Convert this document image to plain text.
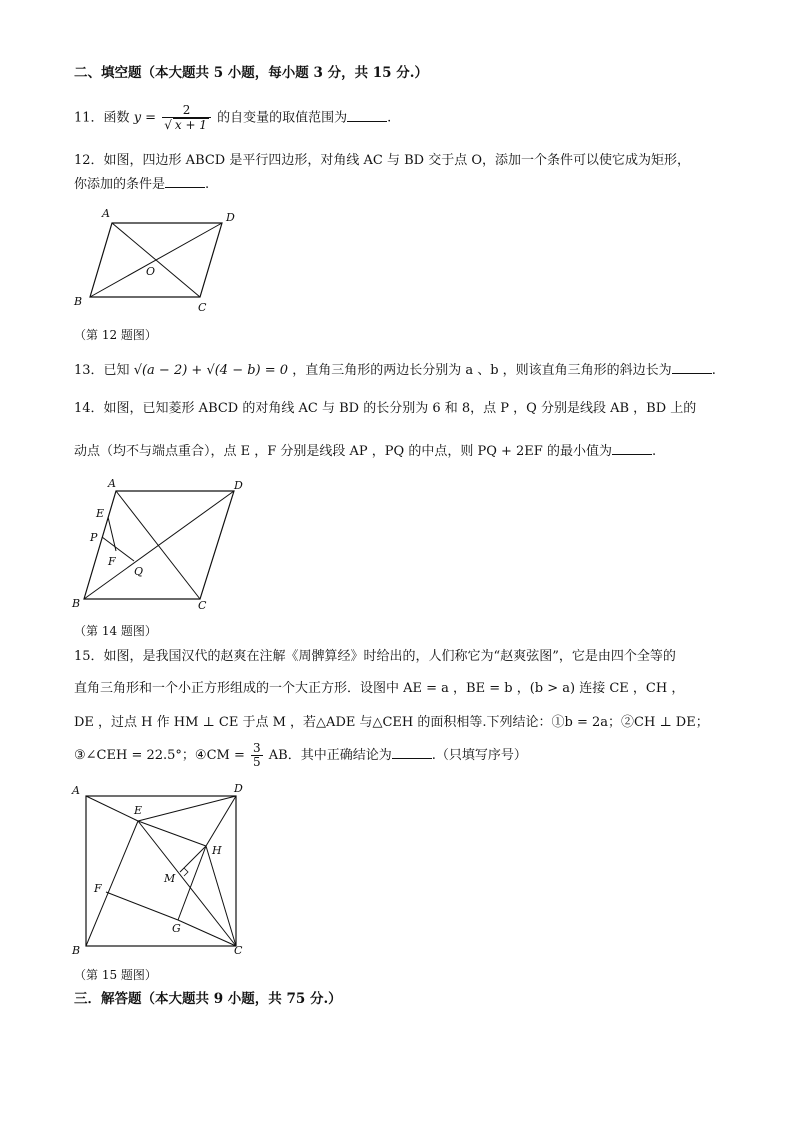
二、填空题（本大题共 5 小题，每小题 3 分，共 15 分.）
11．函数 $y = \frac{2}{√ x + 1}$ 的自变量的取值范围为	.
12．如图，四边形 ABCD 是平行四边形，对角线 AC 与 BD 交于点 O，添加一个条件可以使它成为矩形，
你添加的条件是	.
A	D
B	C
O
（第 12 题图）
13．已知 √(a − 2) + √(4 − b) = 0 ，直角三角形的两边长分别为 a 、b ，则该直角三角形的斜边长为	.
14．如图，已知菱形 ABCD 的对角线 AC 与 BD 的长分别为 6 和 8，点 P ，Q 分别是线段 AB ，BD 上的
动点（均不与端点重合），点 E ，F 分别是线段 AP ，PQ 的中点，则 PQ + 2EF 的最小值为	.
A	D
E
P
F
Q
B	C
（第 14 题图）
15．如图，是我国汉代的赵爽在注解《周髀算经》时给出的，人们称它为“赵爽弦图”，它是由四个全等的
直角三角形和一个小正方形组成的一个大正方形．设图中 AE = a ，BE = b ，(b > a) 连接 CE ，CH ，
DE ，过点 H 作 HM ⊥ CE 于点 M ，若△ADE 与△CEH 的面积相等.下列结论：①b = 2a；②CH ⊥ DE；
③∠CEH = 22.5°；④CM = $\frac{3}{5}$ AB．其中正确结论为	.（只填写序号）
A	D
E
H
M
F
G
B	C
（第 15 题图）
三．解答题（本大题共 9 小题，共 75 分.）
